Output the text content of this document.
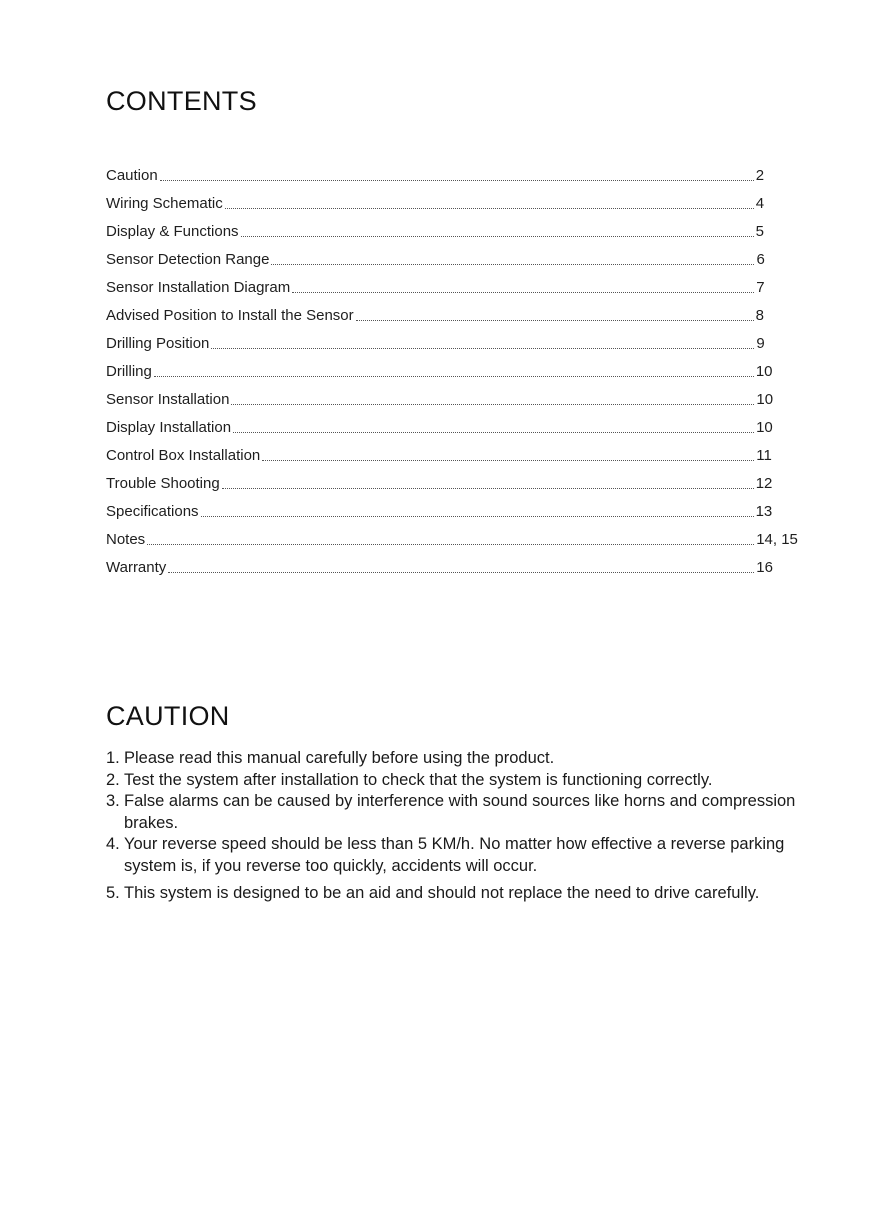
CONTENTS
Caution	2
Wiring Schematic	4
Display & Functions	5
Sensor Detection Range	6
Sensor Installation Diagram	7
Advised Position to Install the Sensor	8
Drilling Position	9
Drilling	10
Sensor Installation	10
Display Installation	10
Control Box Installation	11
Trouble Shooting	12
Specifications	13
Notes	14, 15
Warranty	16
CAUTION
1. Please read this manual carefully before using the product.
2. Test the system after installation to check that the system is functioning correctly.
3. False alarms can be caused by interference with sound sources like horns and compression brakes.
4. Your reverse speed should be less than 5 KM/h. No matter how effective a reverse parking system is, if you reverse too quickly, accidents will occur.
5. This system is designed to be an aid and should not replace the need to drive carefully.
